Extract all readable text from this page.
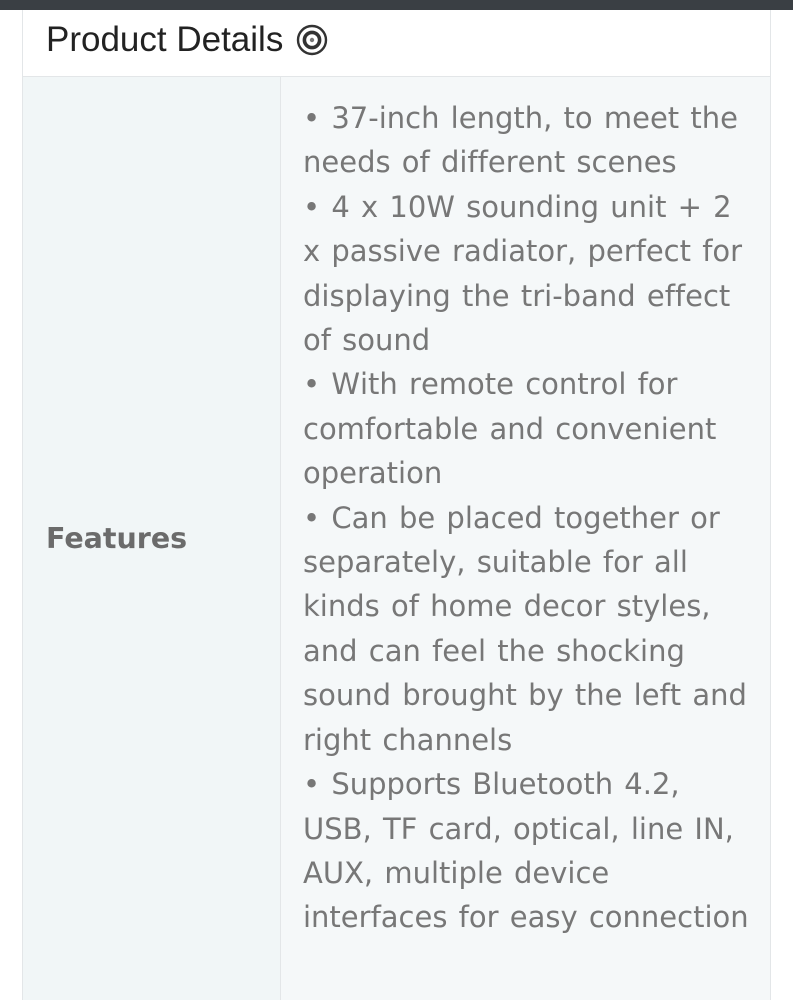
Product Details
Features
• 37-inch length, to meet the needs of different scenes
• 4 x 10W sounding unit + 2 x passive radiator, perfect for displaying the tri-band effect of sound
• With remote control for comfortable and convenient operation
• Can be placed together or separately, suitable for all kinds of home decor styles, and can feel the shocking sound brought by the left and right channels
• Supports Bluetooth 4.2, USB, TF card, optical, line IN, AUX, multiple device interfaces for easy connection
